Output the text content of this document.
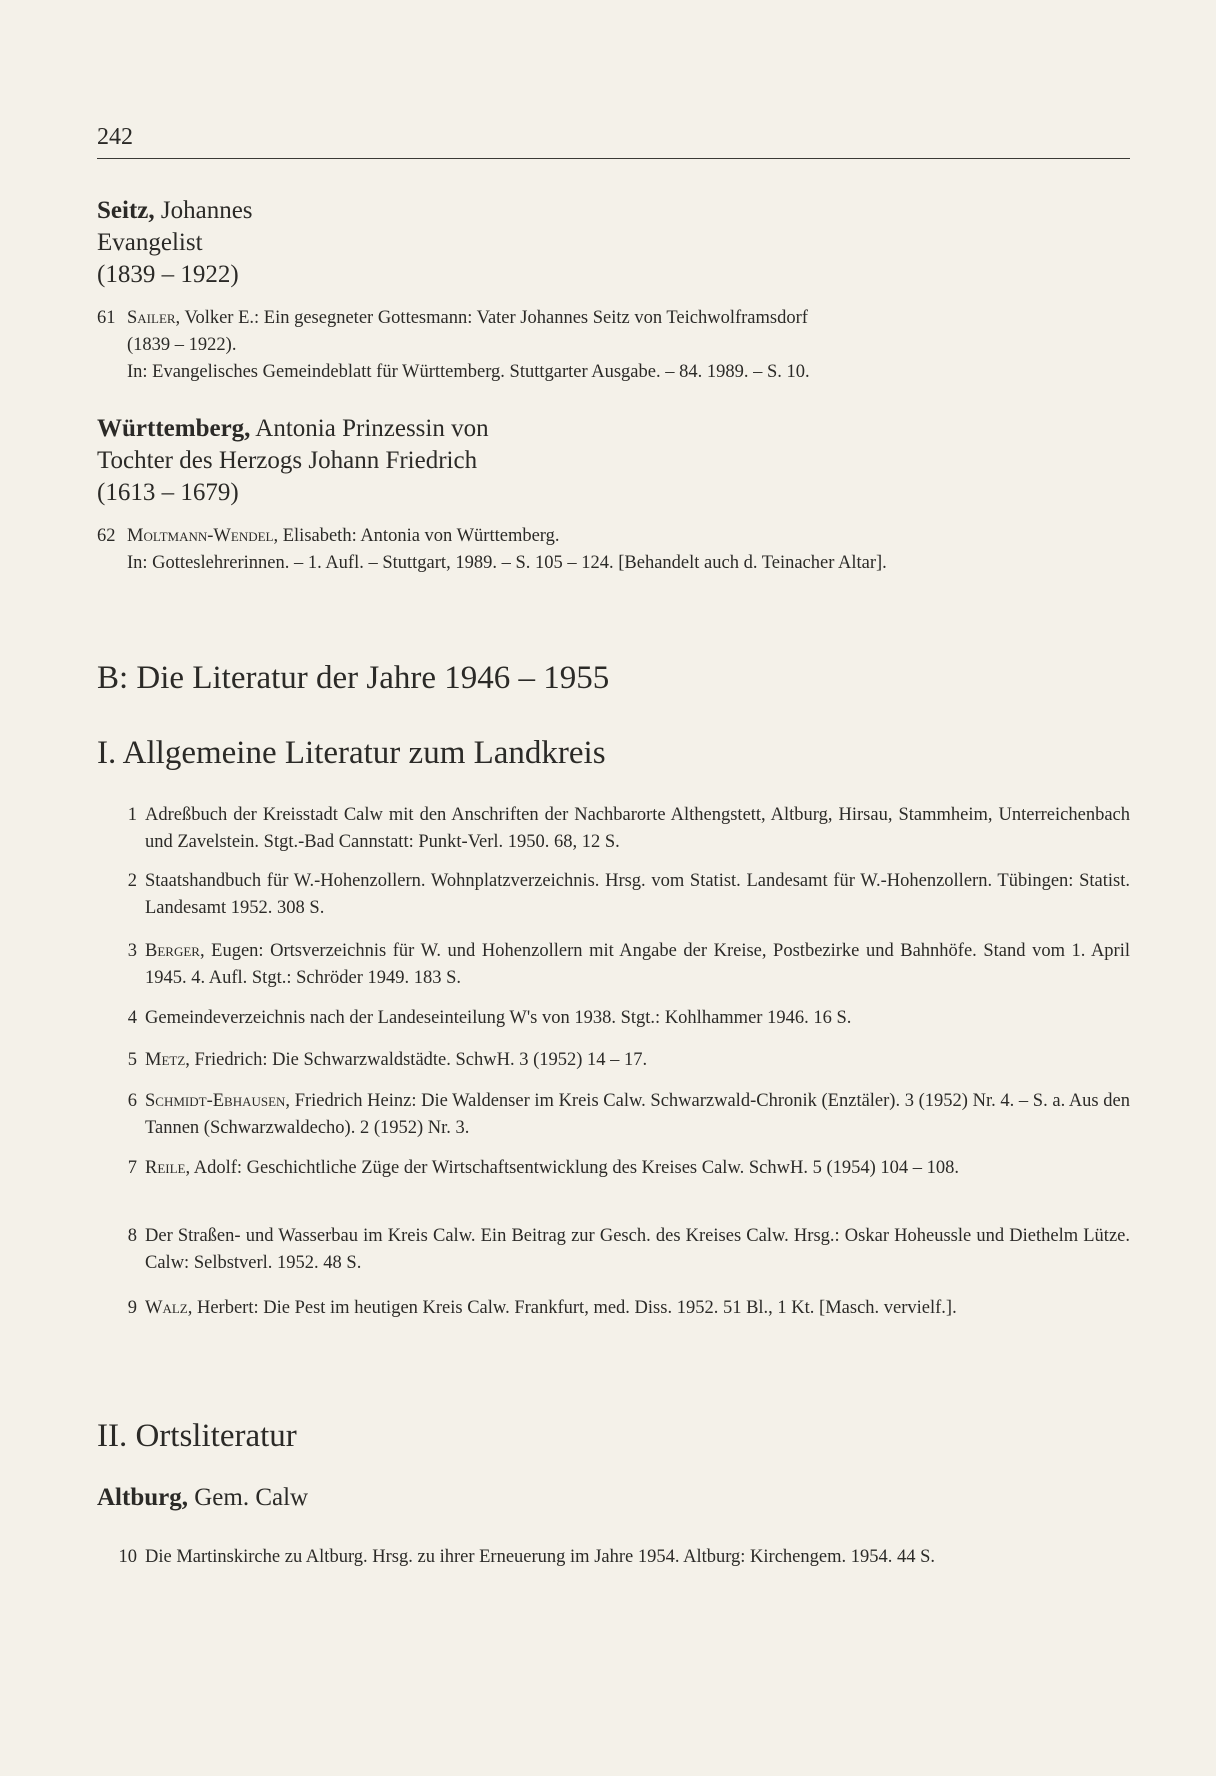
242
Seitz, Johannes
Evangelist
(1839 – 1922)
61 Sailer, Volker E.: Ein gesegneter Gottesmann: Vater Johannes Seitz von Teichwolframsdorf
(1839 – 1922).
In: Evangelisches Gemeindeblatt für Württemberg. Stuttgarter Ausgabe. – 84. 1989. – S. 10.
Württemberg, Antonia Prinzessin von
Tochter des Herzogs Johann Friedrich
(1613 – 1679)
62 Moltmann-Wendel, Elisabeth: Antonia von Württemberg.
In: Gotteslehrerinnen. – 1. Aufl. – Stuttgart, 1989. – S. 105 – 124. [Behandelt auch d. Teinacher Altar].
B: Die Literatur der Jahre 1946 – 1955
I. Allgemeine Literatur zum Landkreis
1 Adreßbuch der Kreisstadt Calw mit den Anschriften der Nachbarorte Althengstett, Altburg, Hirsau, Stammheim, Unterreichenbach und Zavelstein. Stgt.-Bad Cannstatt: Punkt-Verl. 1950. 68, 12 S.
2 Staatshandbuch für W.-Hohenzollern. Wohnplatzverzeichnis. Hrsg. vom Statist. Landesamt für W.-Hohenzollern. Tübingen: Statist. Landesamt 1952. 308 S.
3 Berger, Eugen: Ortsverzeichnis für W. und Hohenzollern mit Angabe der Kreise, Postbezirke und Bahnhöfe. Stand vom 1. April 1945. 4. Aufl. Stgt.: Schröder 1949. 183 S.
4 Gemeindeverzeichnis nach der Landeseinteilung W's von 1938. Stgt.: Kohlhammer 1946. 16 S.
5 Metz, Friedrich: Die Schwarzwaldstädte. SchwH. 3 (1952) 14 – 17.
6 Schmidt-Ebhausen, Friedrich Heinz: Die Waldenser im Kreis Calw. Schwarzwald-Chronik (Enztäler). 3 (1952) Nr. 4. – S. a. Aus den Tannen (Schwarzwaldecho). 2 (1952) Nr. 3.
7 Reile, Adolf: Geschichtliche Züge der Wirtschaftsentwicklung des Kreises Calw. SchwH. 5 (1954) 104 – 108.
8 Der Straßen- und Wasserbau im Kreis Calw. Ein Beitrag zur Gesch. des Kreises Calw. Hrsg.: Oskar Hoheussle und Diethelm Lütze. Calw: Selbstverl. 1952. 48 S.
9 Walz, Herbert: Die Pest im heutigen Kreis Calw. Frankfurt, med. Diss. 1952. 51 Bl., 1 Kt. [Masch. vervielf.].
II. Ortsliteratur
Altburg, Gem. Calw
10 Die Martinskirche zu Altburg. Hrsg. zu ihrer Erneuerung im Jahre 1954. Altburg: Kirchengem. 1954. 44 S.
